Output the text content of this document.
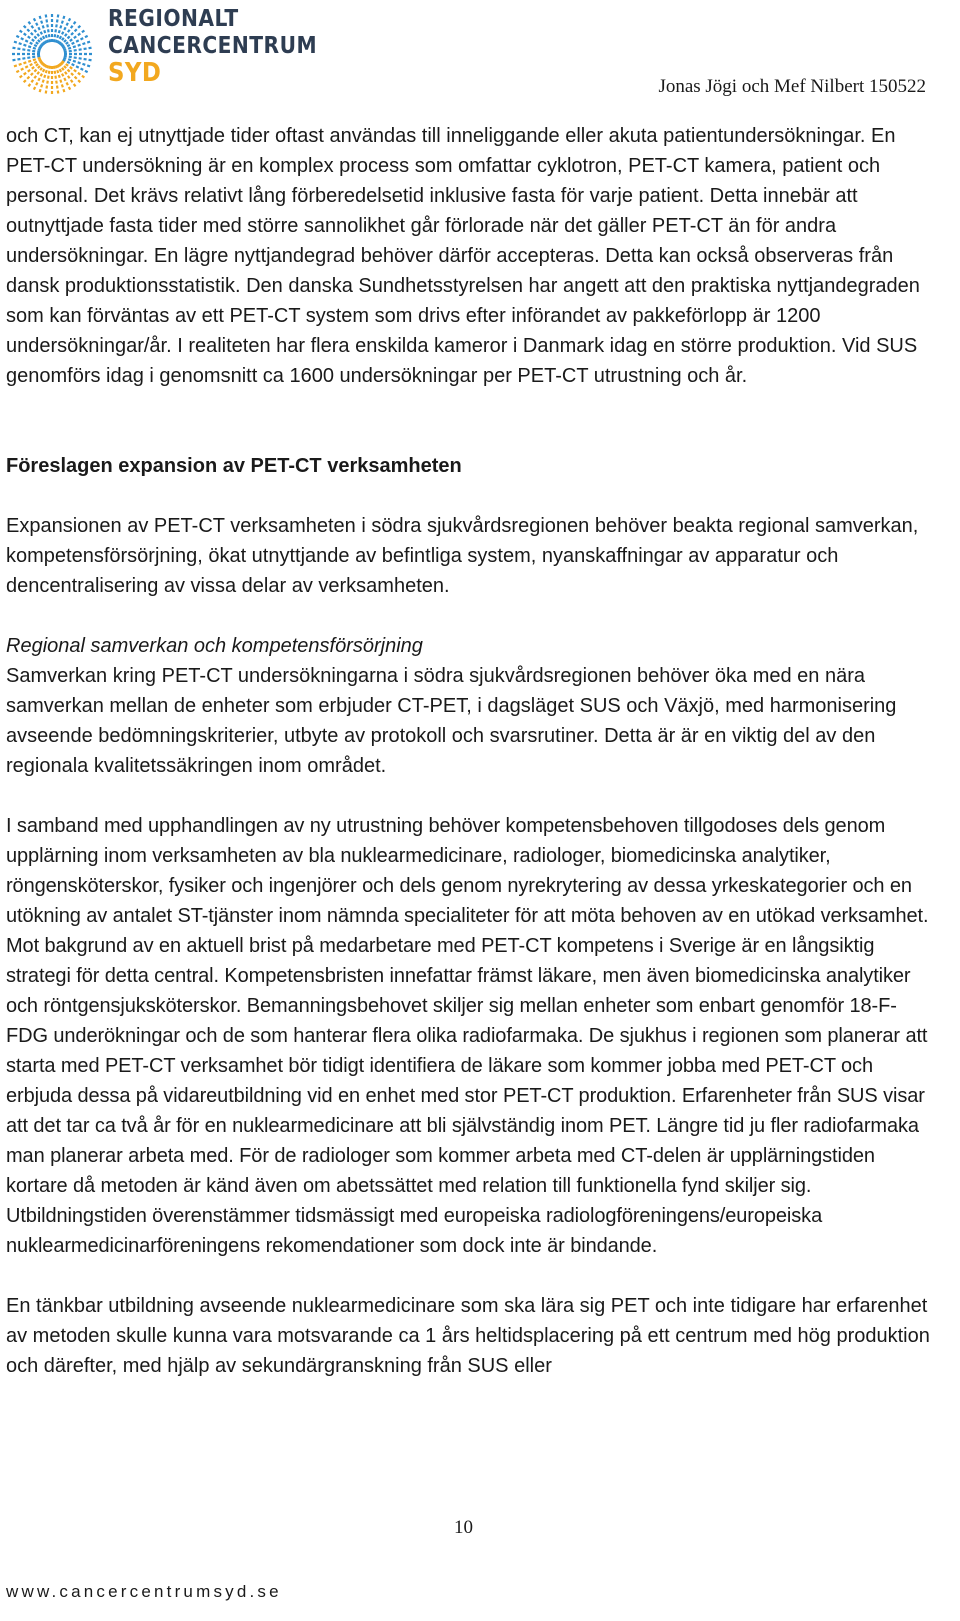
REGIONALT
CANCERCENTRUM
SYD	Jonas Jögi och Mef Nilbert 150522

och CT, kan ej utnyttjade tider oftast användas till inneliggande eller akuta patientundersökningar. En PET-CT undersökning är en komplex process som omfattar cyklotron, PET-CT kamera, patient och personal. Det krävs relativt lång förberedelsetid inklusive fasta för varje patient. Detta innebär att outnyttjade fasta tider med större sannolikhet går förlorade när det gäller PET-CT än för andra undersökningar. En lägre nyttjandegrad behöver därför accepteras. Detta kan också observeras från dansk produktionsstatistik. Den danska Sundhetsstyrelsen har angett att den praktiska nyttjandegraden som kan förväntas av ett PET-CT system som drivs efter införandet av pakkeförlopp är 1200 undersökningar/år. I realiteten har flera enskilda kameror i Danmark idag en större produktion. Vid SUS genomförs idag i genomsnitt ca 1600 undersökningar per PET-CT utrustning och år.

Föreslagen expansion av PET-CT verksamheten

Expansionen av PET-CT verksamheten i södra sjukvårdsregionen behöver beakta regional samverkan, kompetensförsörjning, ökat utnyttjande av befintliga system, nyanskaffningar av apparatur och dencentralisering av vissa delar av verksamheten.

Regional samverkan och kompetensförsörjning

Samverkan kring PET-CT undersökningarna i södra sjukvårdsregionen behöver öka med en nära samverkan mellan de enheter som erbjuder CT-PET, i dagsläget SUS och Växjö, med harmonisering avseende bedömningskriterier, utbyte av protokoll och svarsrutiner. Detta är är en viktig del av den regionala kvalitetssäkringen inom området.

I samband med upphandlingen av ny utrustning behöver kompetensbehoven tillgodoses dels genom upplärning inom verksamheten av bla nuklearmedicinare, radiologer, biomedicinska analytiker, röngensköterskor, fysiker och ingenjörer och dels genom nyrekrytering av dessa yrkeskategorier och en utökning av antalet ST-tjänster inom nämnda specialiteter för att möta behoven av en utökad verksamhet. Mot bakgrund av en aktuell brist på medarbetare med PET-CT kompetens i Sverige är en långsiktig strategi för detta central. Kompetensbristen innefattar främst läkare, men även biomedicinska analytiker och röntgensjuksköterskor. Bemanningsbehovet skiljer sig mellan enheter som enbart genomför 18-F-FDG underökningar och de som hanterar flera olika radiofarmaka. De sjukhus i regionen som planerar att starta med PET-CT verksamhet bör tidigt identifiera de läkare som kommer jobba med PET-CT och erbjuda dessa på vidareutbildning vid en enhet med stor PET-CT produktion. Erfarenheter från SUS visar att det tar ca två år för en nuklearmedicinare att bli självständig inom PET. Längre tid ju fler radiofarmaka man planerar arbeta med. För de radiologer som kommer arbeta med CT-delen är upplärningstiden kortare då metoden är känd även om abetssättet med relation till funktionella fynd skiljer sig. Utbildningstiden överenstämmer tidsmässigt med europeiska radiologföreningens/europeiska nuklearmedicinarföreningens rekomendationer som dock inte är bindande.

En tänkbar utbildning avseende nuklearmedicinare som ska lära sig PET och inte tidigare har erfarenhet av metoden skulle kunna vara motsvarande ca 1 års heltidsplacering på ett centrum med hög produktion och därefter, med hjälp av sekundärgranskning från SUS eller

10
www.cancercentrumsyd.se
